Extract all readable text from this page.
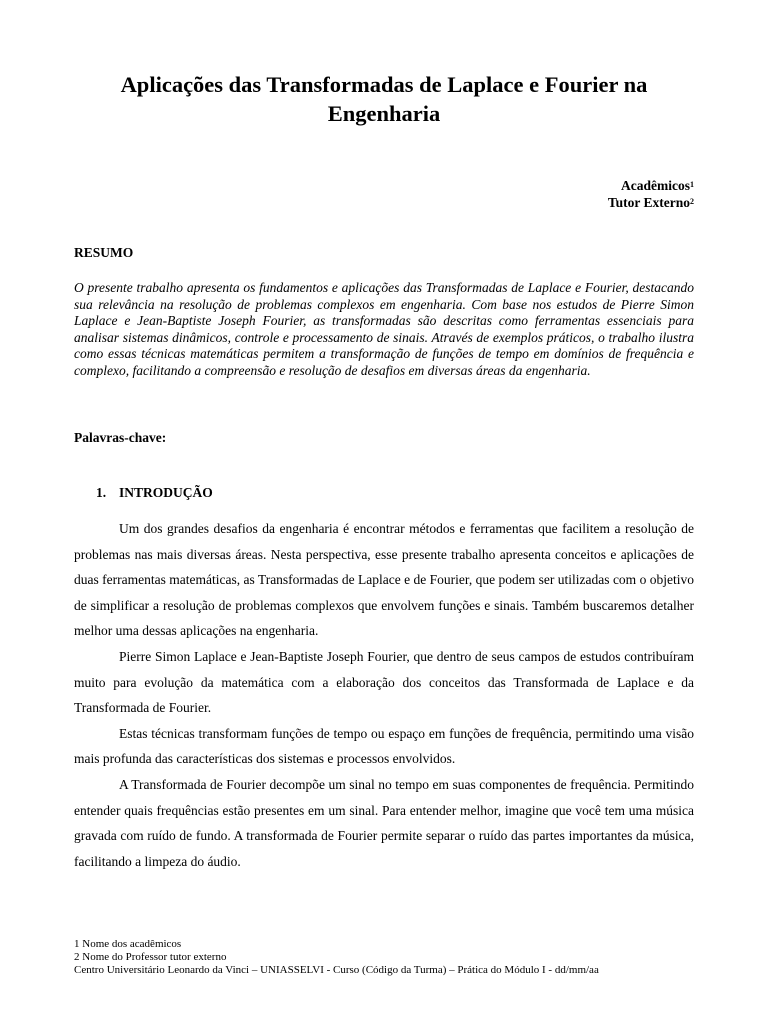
Aplicações das Transformadas de Laplace e Fourier na Engenharia
Acadêmicos$^1$
Tutor Externo$^2$
RESUMO

O presente trabalho apresenta os fundamentos e aplicações das Transformadas de Laplace e Fourier, destacando sua relevância na resolução de problemas complexos em engenharia. Com base nos estudos de Pierre Simon Laplace e Jean-Baptiste Joseph Fourier, as transformadas são descritas como ferramentas essenciais para analisar sistemas dinâmicos, controle e processamento de sinais. Através de exemplos práticos, o trabalho ilustra como essas técnicas matemáticas permitem a transformação de funções de tempo em domínios de frequência e complexo, facilitando a compreensão e resolução de desafios em diversas áreas da engenharia.

Palavras-chave:

1. INTRODUÇÃO

Um dos grandes desafios da engenharia é encontrar métodos e ferramentas que facilitem a resolução de problemas nas mais diversas áreas. Nesta perspectiva, esse presente trabalho apresenta conceitos e aplicações de duas ferramentas matemáticas, as Transformadas de Laplace e de Fourier, que podem ser utilizadas com o objetivo de simplificar a resolução de problemas complexos que envolvem funções e sinais. Também buscaremos detalher melhor uma dessas aplicações na engenharia.

Pierre Simon Laplace e Jean-Baptiste Joseph Fourier, que dentro de seus campos de estudos contribuíram muito para evolução da matemática com a elaboração dos conceitos das Transformada de Laplace e da Transformada de Fourier.

Estas técnicas transformam funções de tempo ou espaço em funções de frequência, permitindo uma visão mais profunda das características dos sistemas e processos envolvidos.

A Transformada de Fourier decompõe um sinal no tempo em suas componentes de frequência. Permitindo entender quais frequências estão presentes em um sinal. Para entender melhor, imagine que você tem uma música gravada com ruído de fundo. A transformada de Fourier permite separar o ruído das partes importantes da música, facilitando a limpeza do áudio.

1 Nome dos acadêmicos
2 Nome do Professor tutor externo
Centro Universitário Leonardo da Vinci – UNIASSELVI - Curso (Código da Turma) – Prática do Módulo I - dd/mm/aa
